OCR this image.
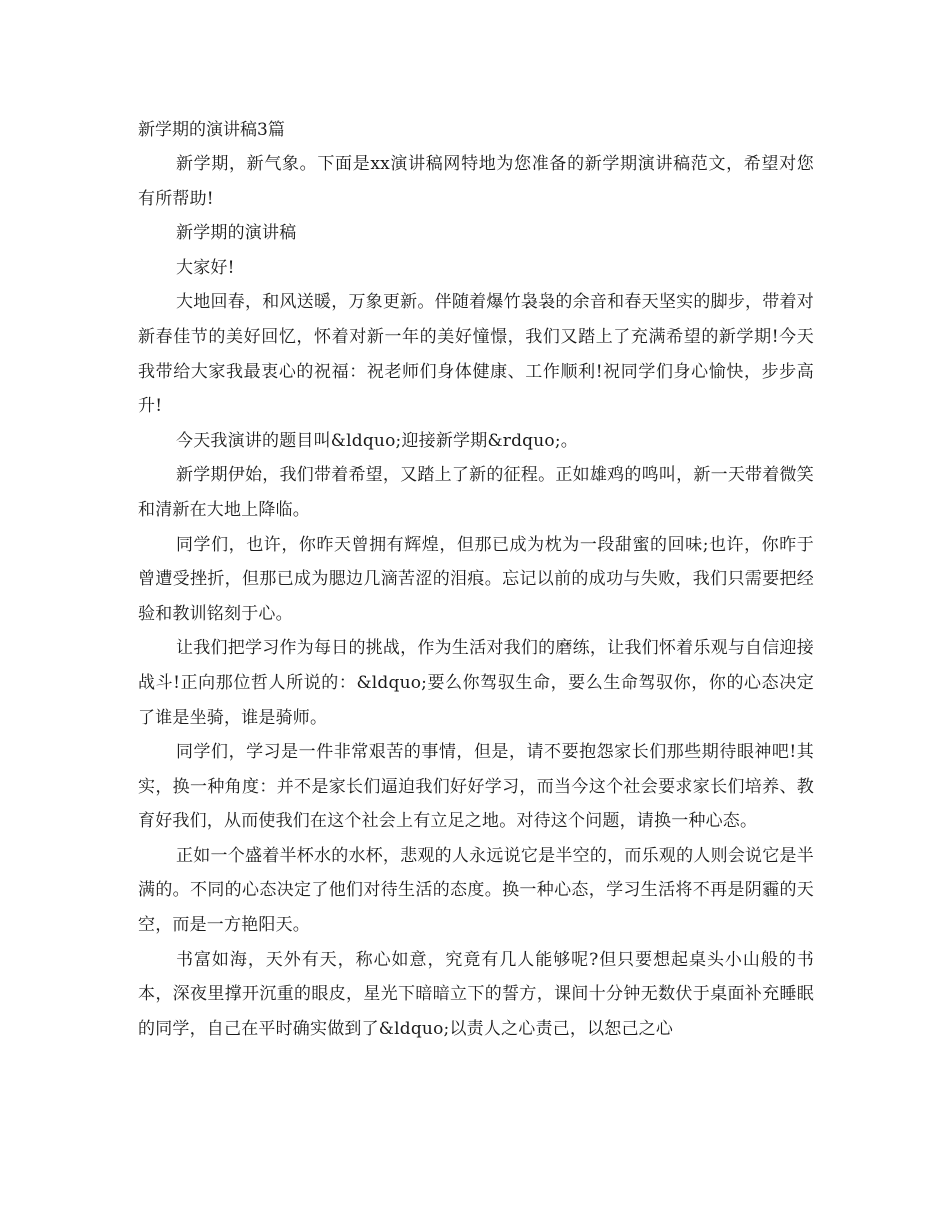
新学期的演讲稿3篇

新学期，新气象。下面是xx演讲稿网特地为您准备的新学期演讲稿范文，希望对您有所帮助!

新学期的演讲稿

大家好!

大地回春，和风送暖，万象更新。伴随着爆竹袅袅的余音和春天坚实的脚步，带着对新春佳节的美好回忆，怀着对新一年的美好憧憬，我们又踏上了充满希望的新学期!今天我带给大家我最衷心的祝福：祝老师们身体健康、工作顺利!祝同学们身心愉快，步步高升!

今天我演讲的题目叫&ldquo;迎接新学期&rdquo;。

新学期伊始，我们带着希望，又踏上了新的征程。正如雄鸡的鸣叫，新一天带着微笑和清新在大地上降临。

同学们，也许，你昨天曾拥有辉煌，但那已成为枕为一段甜蜜的回味;也许，你昨于曾遭受挫折，但那已成为腮边几滴苦涩的泪痕。忘记以前的成功与失败，我们只需要把经验和教训铭刻于心。

让我们把学习作为每日的挑战，作为生活对我们的磨练，让我们怀着乐观与自信迎接战斗!正向那位哲人所说的：&ldquo;要么你驾驭生命，要么生命驾驭你，你的心态决定了谁是坐骑，谁是骑师。

同学们，学习是一件非常艰苦的事情，但是，请不要抱怨家长们那些期待眼神吧!其实，换一种角度：并不是家长们逼迫我们好好学习，而当今这个社会要求家长们培养、教育好我们，从而使我们在这个社会上有立足之地。对待这个问题，请换一种心态。

正如一个盛着半杯水的水杯，悲观的人永远说它是半空的，而乐观的人则会说它是半满的。不同的心态决定了他们对待生活的态度。换一种心态，学习生活将不再是阴霾的天空，而是一方艳阳天。

书富如海，天外有天，称心如意，究竟有几人能够呢?但只要想起桌头小山般的书本，深夜里撑开沉重的眼皮，星光下暗暗立下的誓方，课间十分钟无数伏于桌面补充睡眠的同学，自己在平时确实做到了&ldquo;以责人之心责己，以恕己之心
